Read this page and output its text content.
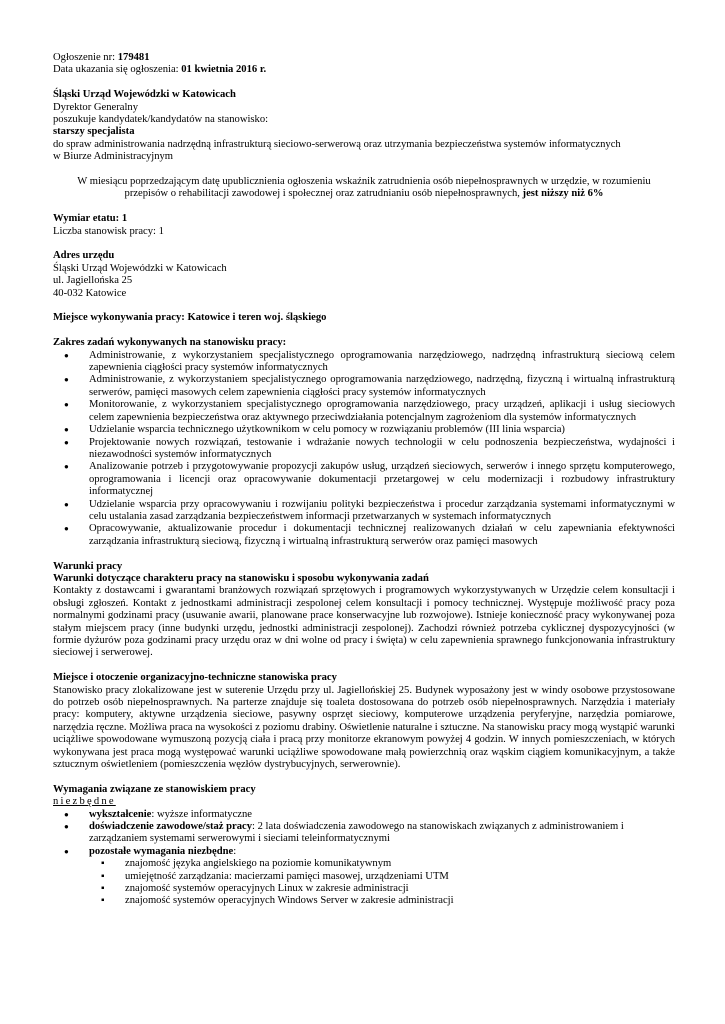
Ogłoszenie nr: 179481

Data ukazania się ogłoszenia: 01 kwietnia 2016 r.

Śląski Urząd Wojewódzki w Katowicach

Dyrektor Generalny

poszukuje kandydatek/kandydatów na stanowisko:

starszy specjalista

do spraw administrowania nadrzędną infrastrukturą sieciowo-serwerową oraz utrzymania bezpieczeństwa systemów informatycznych

w Biurze Administracyjnym

W miesiącu poprzedzającym datę upublicznienia ogłoszenia wskaźnik zatrudnienia osób niepełnosprawnych w urzędzie, w rozumieniu przepisów o rehabilitacji zawodowej i społecznej oraz zatrudnianiu osób niepełnosprawnych, jest niższy niż 6%

Wymiar etatu: 1

Liczba stanowisk pracy: 1

Adres urzędu

Śląski Urząd Wojewódzki w Katowicach

ul. Jagiellońska 25

40-032 Katowice

Miejsce wykonywania pracy: Katowice i teren woj. śląskiego

Zakres zadań wykonywanych na stanowisku pracy:

● Administrowanie, z wykorzystaniem specjalistycznego oprogramowania narzędziowego, nadrzędną infrastrukturą sieciową celem zapewnienia ciągłości pracy systemów informatycznych
● Administrowanie, z wykorzystaniem specjalistycznego oprogramowania narzędziowego, nadrzędną, fizyczną i wirtualną infrastrukturą serwerów, pamięci masowych celem zapewnienia ciągłości pracy systemów informatycznych
● Monitorowanie, z wykorzystaniem specjalistycznego oprogramowania narzędziowego, pracy urządzeń, aplikacji i usług sieciowych celem zapewnienia bezpieczeństwa oraz aktywnego przeciwdziałania potencjalnym zagrożeniom dla systemów informatycznych
● Udzielanie wsparcia technicznego użytkownikom w celu pomocy w rozwiązaniu problemów (III linia wsparcia)
● Projektowanie nowych rozwiązań, testowanie i wdrażanie nowych technologii w celu podnoszenia bezpieczeństwa, wydajności i niezawodności systemów informatycznych
● Analizowanie potrzeb i przygotowywanie propozycji zakupów usług, urządzeń sieciowych, serwerów i innego sprzętu komputerowego, oprogramowania i licencji oraz opracowywanie dokumentacji przetargowej w celu modernizacji i rozbudowy infrastruktury informatycznej
● Udzielanie wsparcia przy opracowywaniu i rozwijaniu polityki bezpieczeństwa i procedur zarządzania systemami informatycznymi w celu ustalania zasad zarządzania bezpieczeństwem informacji przetwarzanych w systemach informatycznych
● Opracowywanie, aktualizowanie procedur i dokumentacji technicznej realizowanych działań w celu zapewniania efektywności zarządzania infrastrukturą sieciową, fizyczną i wirtualną infrastrukturą serwerów oraz pamięci masowych

Warunki pracy

Warunki dotyczące charakteru pracy na stanowisku i sposobu wykonywania zadań

Kontakty z dostawcami i gwarantami branżowych rozwiązań sprzętowych i programowych wykorzystywanych w Urzędzie celem konsultacji i obsługi zgłoszeń. Kontakt z jednostkami administracji zespolonej celem konsultacji i pomocy technicznej. Występuje możliwość pracy poza normalnymi godzinami pracy (usuwanie awarii, planowane prace konserwacyjne lub rozwojowe). Istnieje konieczność pracy wykonywanej poza stałym miejscem pracy (inne budynki urzędu, jednostki administracji zespolonej). Zachodzi również potrzeba cyklicznej dyspozycyjności (w formie dyżurów poza godzinami pracy urzędu oraz w dni wolne od pracy i święta) w celu zapewnienia sprawnego funkcjonowania infrastruktury sieciowej i serwerowej.

Miejsce i otoczenie organizacyjno-techniczne stanowiska pracy

Stanowisko pracy zlokalizowane jest w suterenie Urzędu przy ul. Jagiellońskiej 25. Budynek wyposażony jest w windy osobowe przystosowane do potrzeb osób niepełnosprawnych. Na parterze znajduje się toaleta dostosowana do potrzeb osób niepełnosprawnych. Narzędzia i materiały pracy: komputery, aktywne urządzenia sieciowe, pasywny osprzęt sieciowy, komputerowe urządzenia peryferyjne, narzędzia pomiarowe, narzędzia ręczne. Możliwa praca na wysokości z poziomu drabiny. Oświetlenie naturalne i sztuczne. Na stanowisku pracy mogą wystąpić warunki uciążliwe spowodowane wymuszoną pozycją ciała i pracą przy monitorze ekranowym powyżej 4 godzin. W innych pomieszczeniach, w których wykonywana jest praca mogą występować warunki uciążliwe spowodowane małą powierzchnią oraz wąskim ciągiem komunikacyjnym, a także sztucznym oświetleniem (pomieszczenia węzłów dystrybucyjnych, serwerownie).

Wymagania związane ze stanowiskiem pracy

niezbędne

● wykształcenie: wyższe informatyczne
● doświadczenie zawodowe/staż pracy: 2 lata doświadczenia zawodowego na stanowiskach związanych z administrowaniem i zarządzaniem systemami serwerowymi i sieciami teleinformatycznymi
● pozostałe wymagania niezbędne:
▪ znajomość języka angielskiego na poziomie komunikatywnym
▪ umiejętność zarządzania: macierzami pamięci masowej, urządzeniami UTM
▪ znajomość systemów operacyjnych Linux w zakresie administracji
▪ znajomość systemów operacyjnych Windows Server w zakresie administracji
